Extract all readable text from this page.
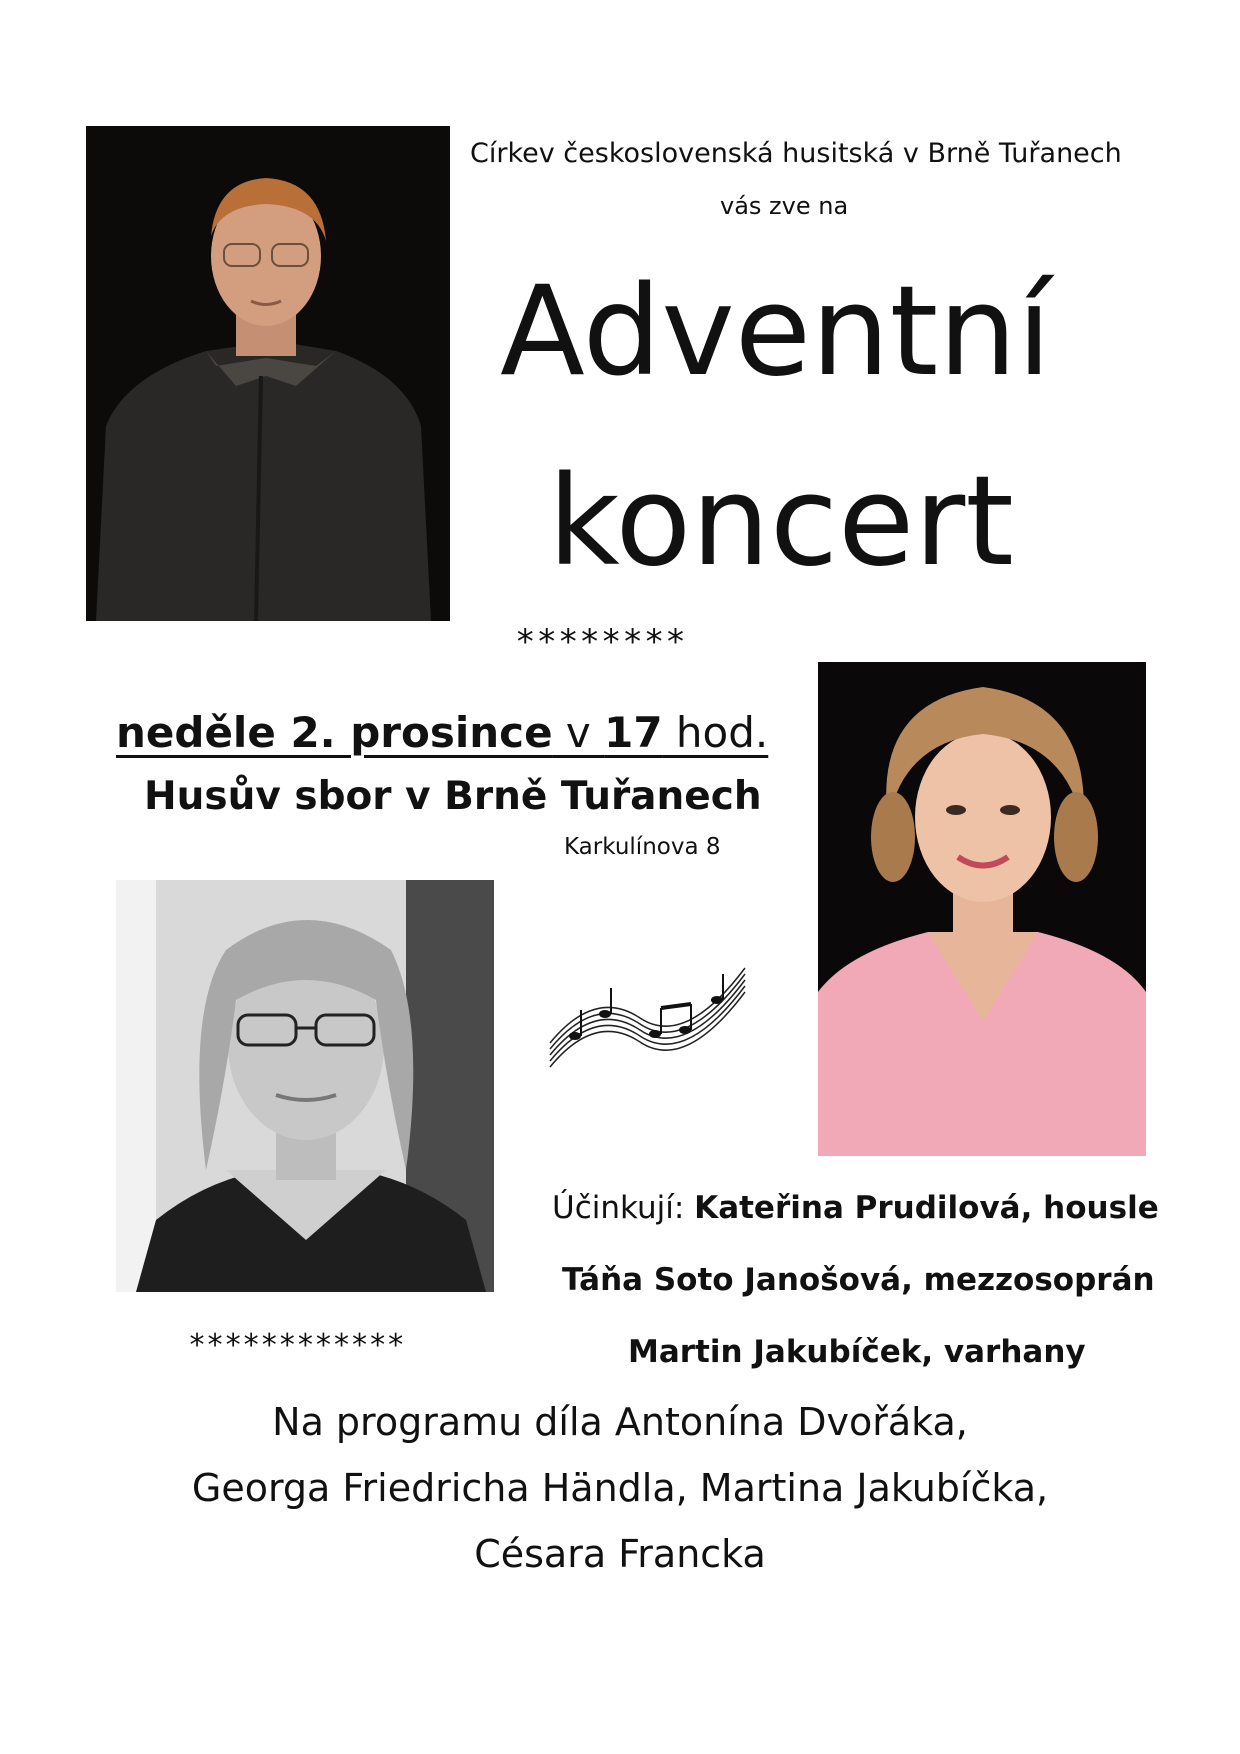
Církev československá husitská v Brně Tuřanech
vás zve na
Adventní
koncert
********
neděle 2. prosince v 17 hod.
Husův sbor v Brně Tuřanech
Karkulínova 8
************
Účinkují: Kateřina Prudilová, housle
Táňa Soto Janošová, mezzosoprán
Martin Jakubíček, varhany
Na programu díla Antonína Dvořáka,
Georga Friedricha Händla, Martina Jakubíčka,
Césara Francka
